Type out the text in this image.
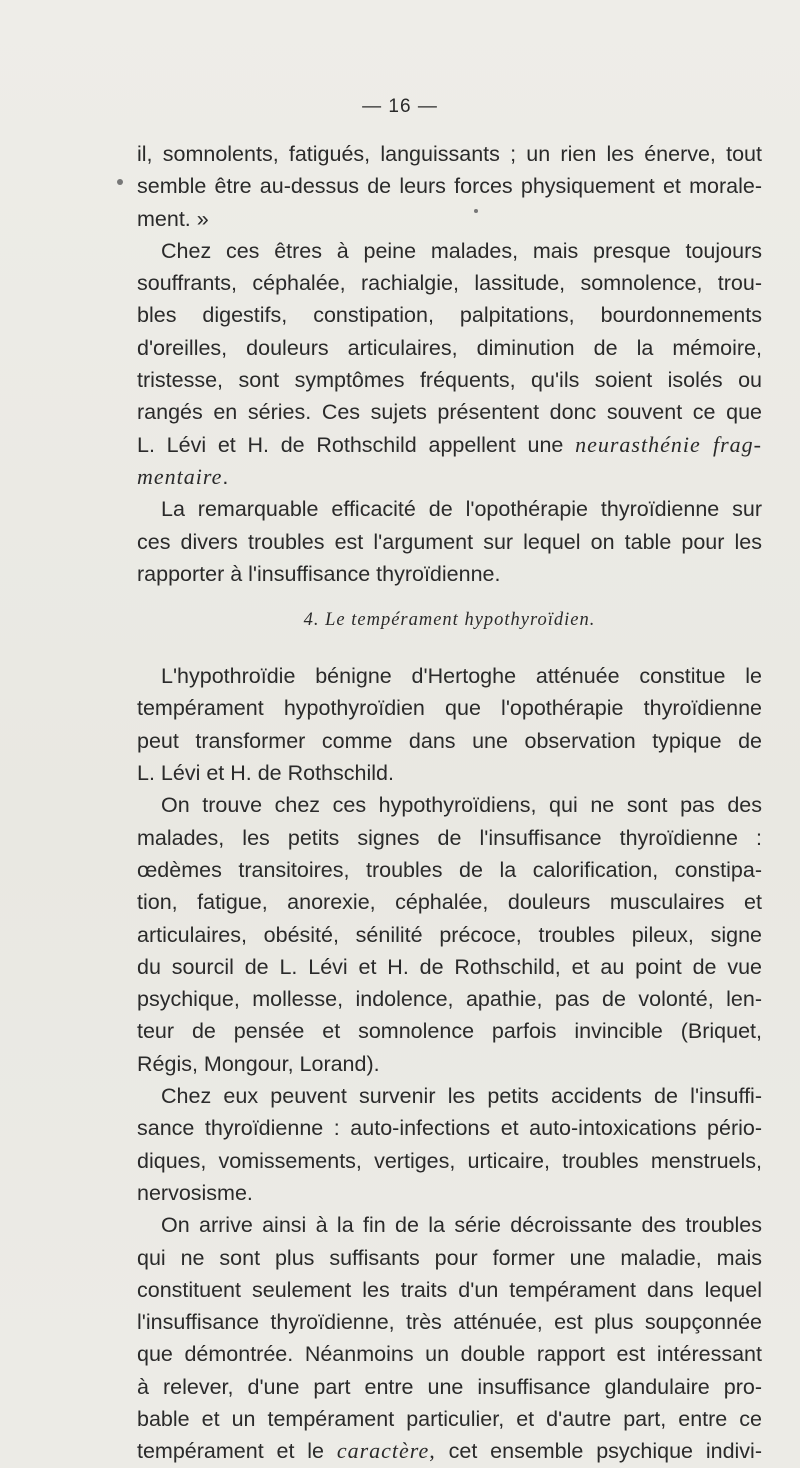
— 16 —
il, somnolents, fatigués, languissants ; un rien les énerve, tout
semble être au-dessus de leurs forces physiquement et morale-
ment. »
Chez ces êtres à peine malades, mais presque toujours
souffrants, céphalée, rachialgie, lassitude, somnolence, trou-
bles digestifs, constipation, palpitations, bourdonnements
d'oreilles, douleurs articulaires, diminution de la mémoire,
tristesse, sont symptômes fréquents, qu'ils soient isolés ou
rangés en séries. Ces sujets présentent donc souvent ce que
L. Lévi et H. de Rothschild appellent une neurasthénie frag-
mentaire.
La remarquable efficacité de l'opothérapie thyroïdienne sur
ces divers troubles est l'argument sur lequel on table pour les
rapporter à l'insuffisance thyroïdienne.
4. Le tempérament hypothyroïdien.
L'hypothroïdie bénigne d'Hertoghe atténuée constitue le
tempérament hypothyroïdien que l'opothérapie thyroïdienne
peut transformer comme dans une observation typique de
L. Lévi et H. de Rothschild.
On trouve chez ces hypothyroïdiens, qui ne sont pas des
malades, les petits signes de l'insuffisance thyroïdienne :
œdèmes transitoires, troubles de la calorification, constipa-
tion, fatigue, anorexie, céphalée, douleurs musculaires et
articulaires, obésité, sénilité précoce, troubles pileux, signe
du sourcil de L. Lévi et H. de Rothschild, et au point de vue
psychique, mollesse, indolence, apathie, pas de volonté, len-
teur de pensée et somnolence parfois invincible (Briquet,
Régis, Mongour, Lorand).
Chez eux peuvent survenir les petits accidents de l'insuffi-
sance thyroïdienne : auto-infections et auto-intoxications pério-
diques, vomissements, vertiges, urticaire, troubles menstruels,
nervosisme.
On arrive ainsi à la fin de la série décroissante des troubles
qui ne sont plus suffisants pour former une maladie, mais
constituent seulement les traits d'un tempérament dans lequel
l'insuffisance thyroïdienne, très atténuée, est plus soupçonnée
que démontrée. Néanmoins un double rapport est intéressant
à relever, d'une part entre une insuffisance glandulaire pro-
bable et un tempérament particulier, et d'autre part, entre ce
tempérament et le caractère, cet ensemble psychique indivi-
